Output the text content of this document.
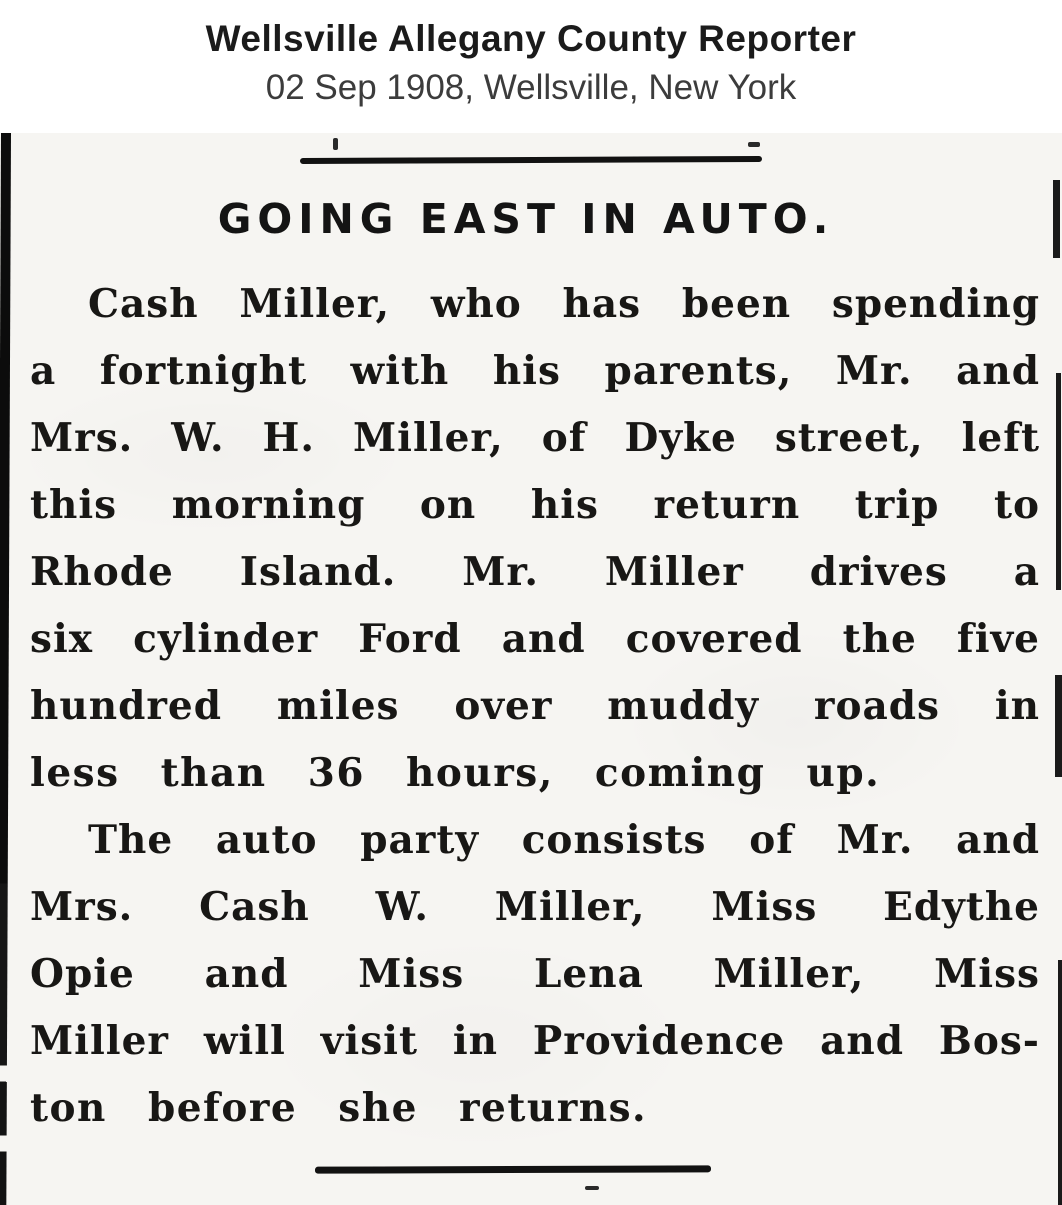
Wellsville Allegany County Reporter
02 Sep 1908, Wellsville, New York
GOING EAST IN AUTO.
Cash Miller, who has been spending
a fortnight with his parents, Mr. and
Mrs. W. H. Miller, of Dyke street, left
this morning on his return trip to
Rhode Island. Mr. Miller drives a
six cylinder Ford and covered the five
hundred miles over muddy roads in
less than 36 hours, coming up.
The auto party consists of Mr. and
Mrs. Cash W. Miller, Miss Edythe
Opie and Miss Lena Miller, Miss
Miller will visit in Providence and Bos-
ton before she returns.
